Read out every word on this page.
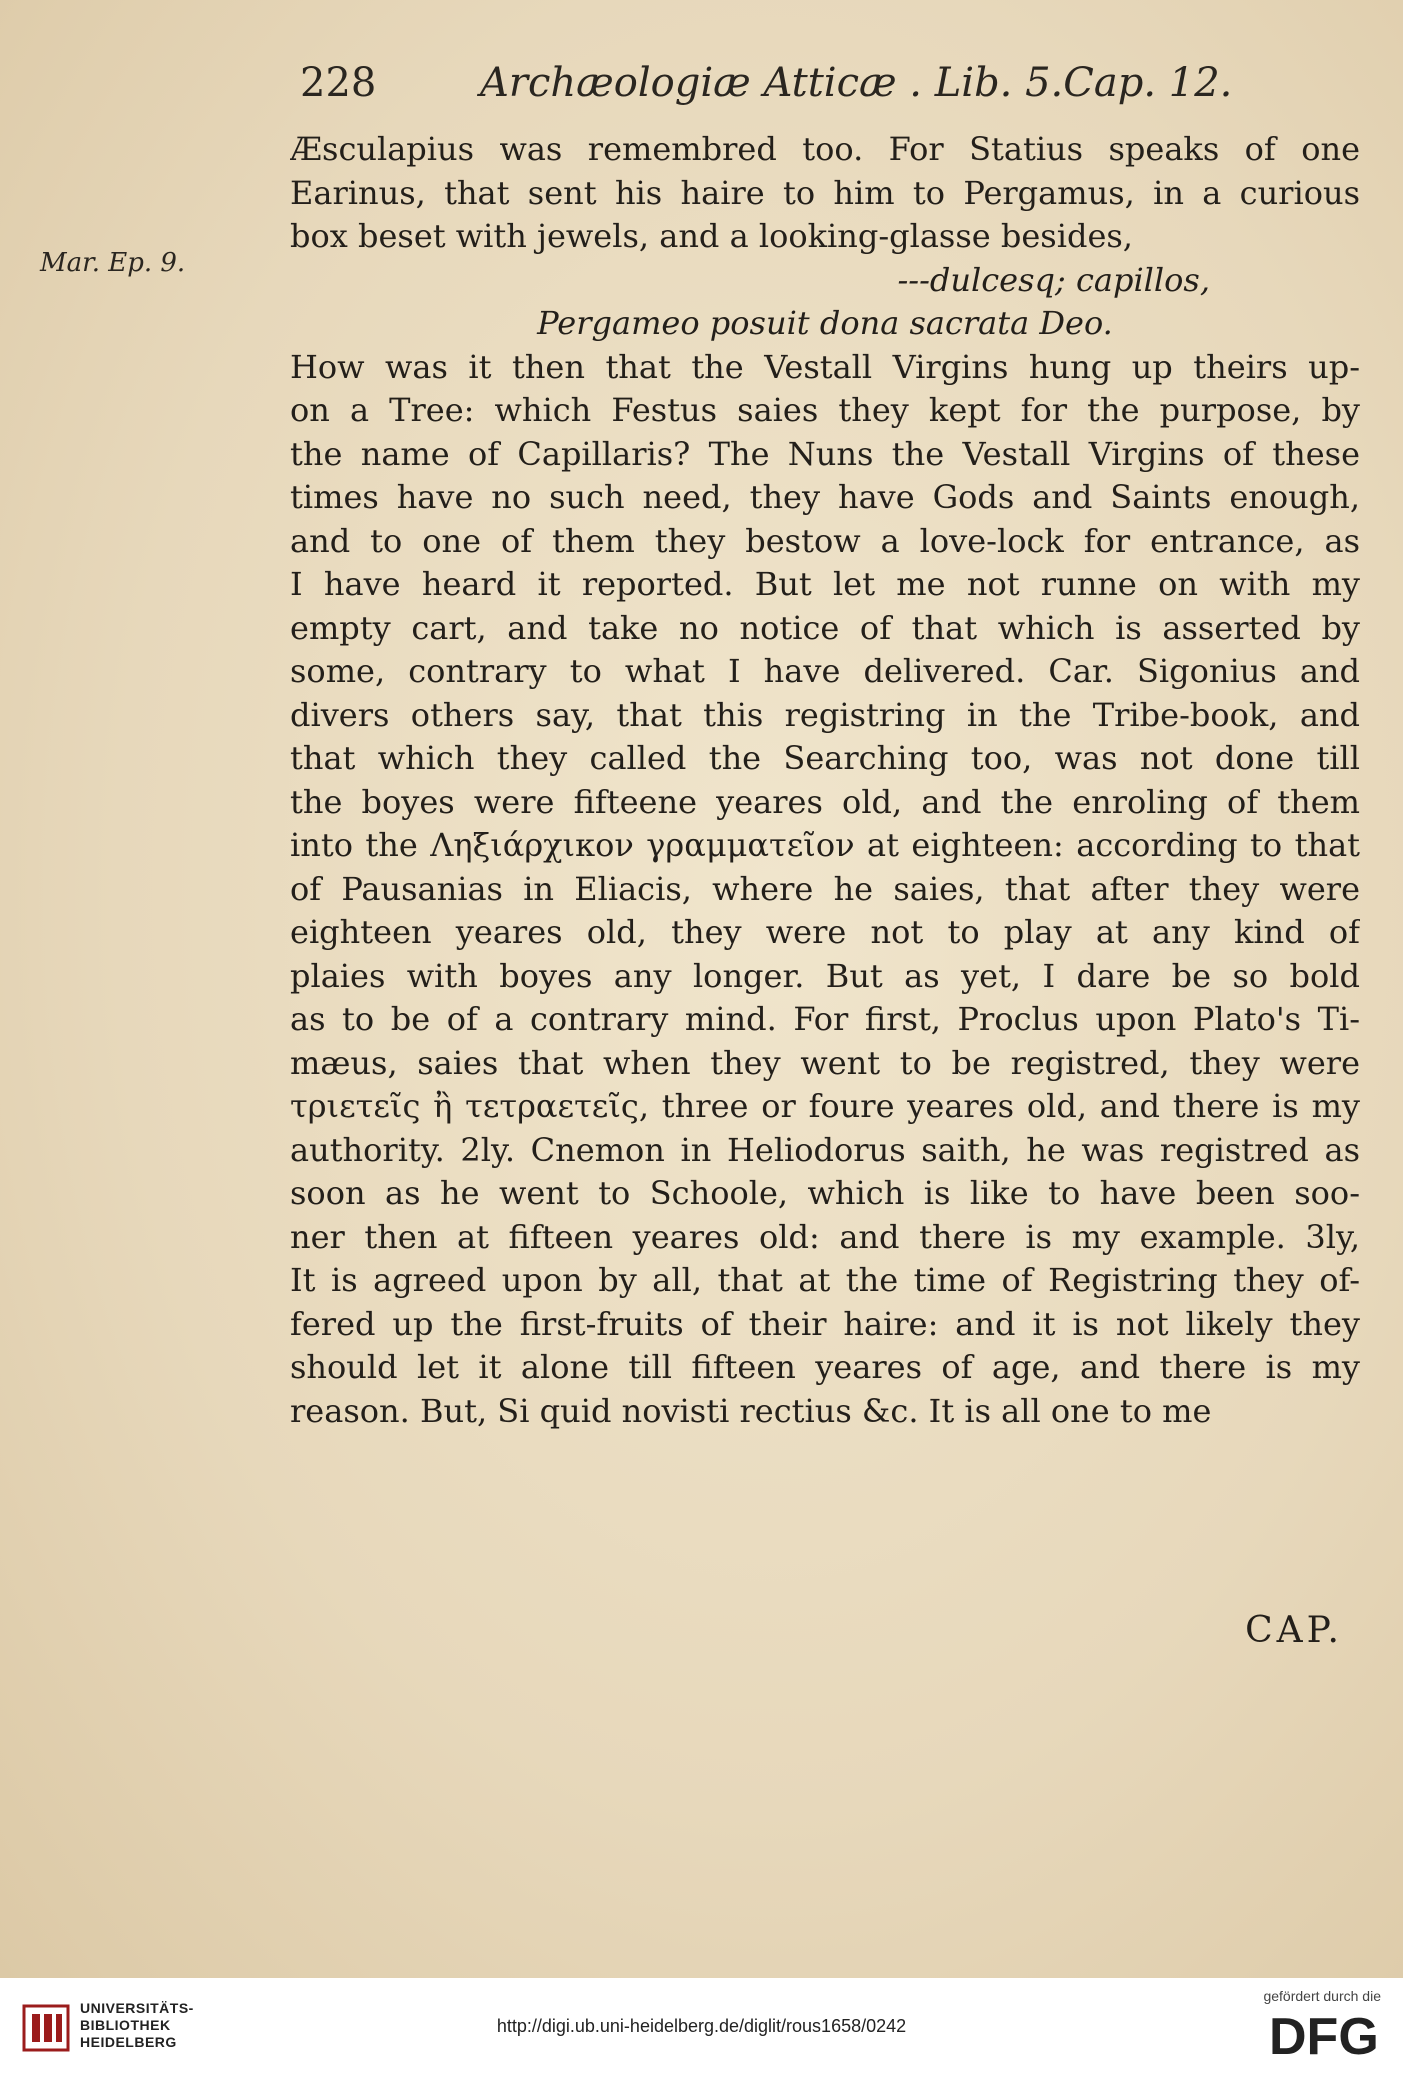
228	Archæologiæ Atticæ . Lib. 5.Cap. 12.
Mar. Ep. 9.
Æsculapius was remembred too. For Statius speaks of one
Earinus, that sent his haire to him to Pergamus, in a curious
box beset with jewels, and a looking-glasse besides,
---dulcesq; capillos,
Pergameo posuit dona sacrata Deo.
How was it then that the Vestall Virgins hung up theirs up-
on a Tree: which Festus saies they kept for the purpose, by
the name of Capillaris? The Nuns the Vestall Virgins of these
times have no such need, they have Gods and Saints enough,
and to one of them they bestow a love-lock for entrance, as
I have heard it reported. But let me not runne on with my
empty cart, and take no notice of that which is asserted by
some, contrary to what I have delivered. Car. Sigonius and
divers others say, that this registring in the Tribe-book, and
that which they called the Searching too, was not done till
the boyes were fifteene yeares old, and the enroling of them
into the Ληξιάρχικον γραμματεῖον at eighteen: according to that
of Pausanias in Eliacis, where he saies, that after they were
eighteen yeares old, they were not to play at any kind of
plaies with boyes any longer. But as yet, I dare be so bold
as to be of a contrary mind. For first, Proclus upon Plato's Ti-
mæus, saies that when they went to be registred, they were
τριετεῖς ἢ τετραετεῖς, three or foure yeares old, and there is my
authority. 2ly. Cnemon in Heliodorus saith, he was registred as
soon as he went to Schoole, which is like to have been soo-
ner then at fifteen yeares old: and there is my example. 3ly,
It is agreed upon by all, that at the time of Registring they of-
fered up the first-fruits of their haire: and it is not likely they
should let it alone till fifteen yeares of age, and there is my
reason. But, Si quid novisti rectius &c. It is all one to me
CAP.
UNIVERSITÄTS-
BIBLIOTHEK
HEIDELBERG
http://digi.ub.uni-heidelberg.de/diglit/rous1658/0242
gefördert durch die
DFG
